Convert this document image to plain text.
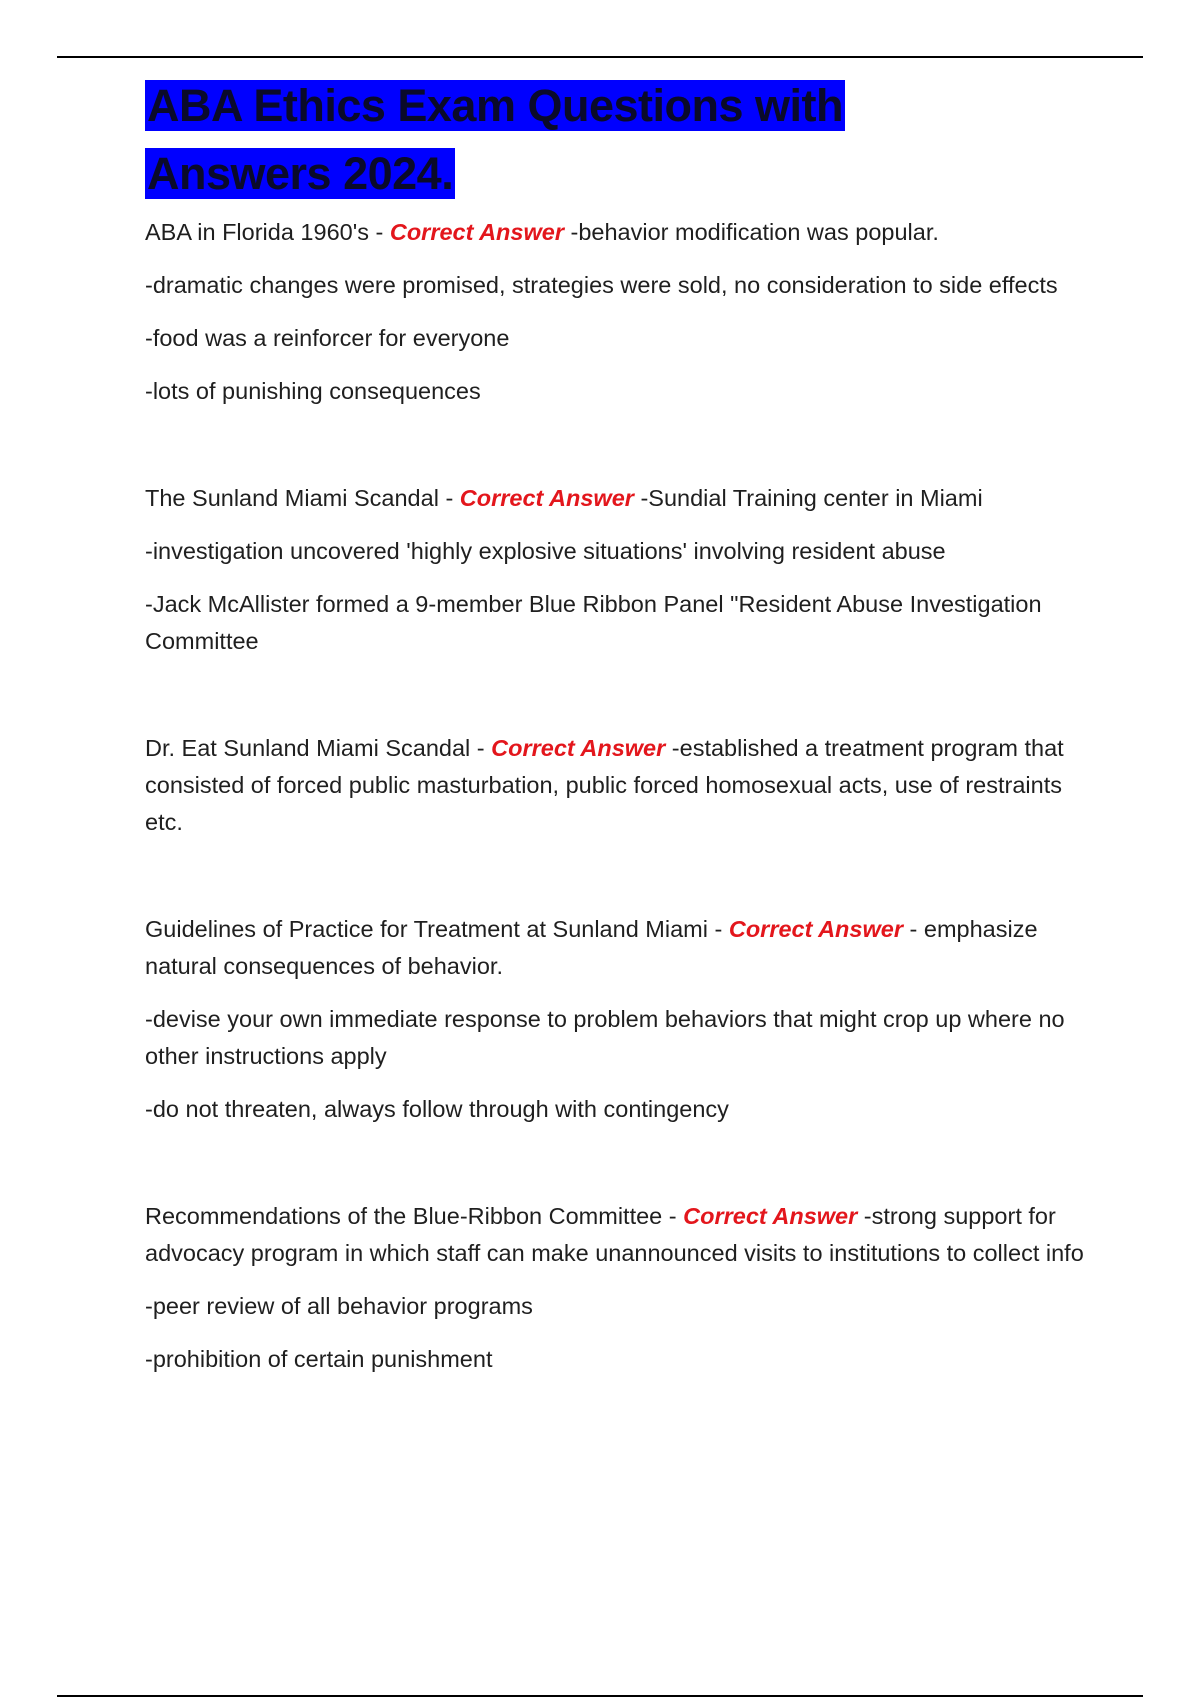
ABA Ethics Exam Questions with
Answers 2024.

ABA in Florida 1960's - Correct Answer -behavior modification was popular.

-dramatic changes were promised, strategies were sold, no consideration to side effects

-food was a reinforcer for everyone

-lots of punishing consequences

The Sunland Miami Scandal - Correct Answer -Sundial Training center in Miami

-investigation uncovered 'highly explosive situations' involving resident abuse

-Jack McAllister formed a 9-member Blue Ribbon Panel "Resident Abuse Investigation Committee

Dr. Eat Sunland Miami Scandal - Correct Answer -established a treatment program that consisted of forced public masturbation, public forced homosexual acts, use of restraints etc.

Guidelines of Practice for Treatment at Sunland Miami - Correct Answer - emphasize natural consequences of behavior.

-devise your own immediate response to problem behaviors that might crop up where no other instructions apply

-do not threaten, always follow through with contingency

Recommendations of the Blue-Ribbon Committee - Correct Answer -strong support for advocacy program in which staff can make unannounced visits to institutions to collect info

-peer review of all behavior programs

-prohibition of certain punishment
